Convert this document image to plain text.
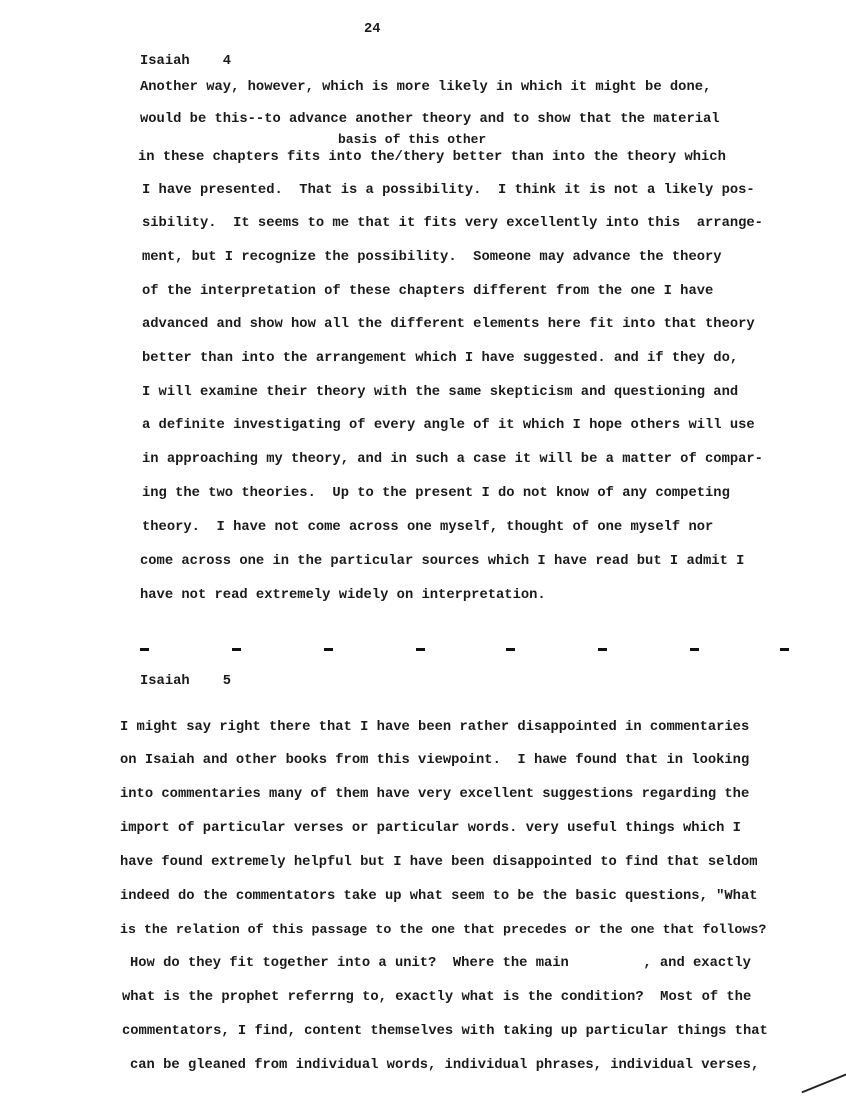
24
Isaiah    4
basis of this other
Isaiah    5
Another way, however, which is more likely in which it might be done,
would be this--to advance another theory and to show that the material
in these chapters fits into the/thery better than into the theory which
I have presented.  That is a possibility.  I think it is not a likely pos-
sibility.  It seems to me that it fits very excellently into this  arrange-
ment, but I recognize the possibility.  Someone may advance the theory
of the interpretation of these chapters different from the one I have
advanced and show how all the different elements here fit into that theory
better than into the arrangement which I have suggested. and if they do,
I will examine their theory with the same skepticism and questioning and
a definite investigating of every angle of it which I hope others will use
in approaching my theory, and in such a case it will be a matter of compar-
ing the two theories.  Up to the present I do not know of any competing
theory.  I have not come across one myself, thought of one myself nor
come across one in the particular sources which I have read but I admit I
have not read extremely widely on interpretation.
I might say right there that I have been rather disappointed in commentaries
on Isaiah and other books from this viewpoint.  I hawe found that in looking
into commentaries many of them have very excellent suggestions regarding the
import of particular verses or particular words. very useful things which I
have found extremely helpful but I have been disappointed to find that seldom
indeed do the commentators take up what seem to be the basic questions, "What
is the relation of this passage to the one that precedes or the one that follows?
How do they fit together into a unit?  Where the main         , and exactly
what is the prophet referrng to, exactly what is the condition?  Most of the
commentators, I find, content themselves with taking up particular things that
can be gleaned from individual words, individual phrases, individual verses,
